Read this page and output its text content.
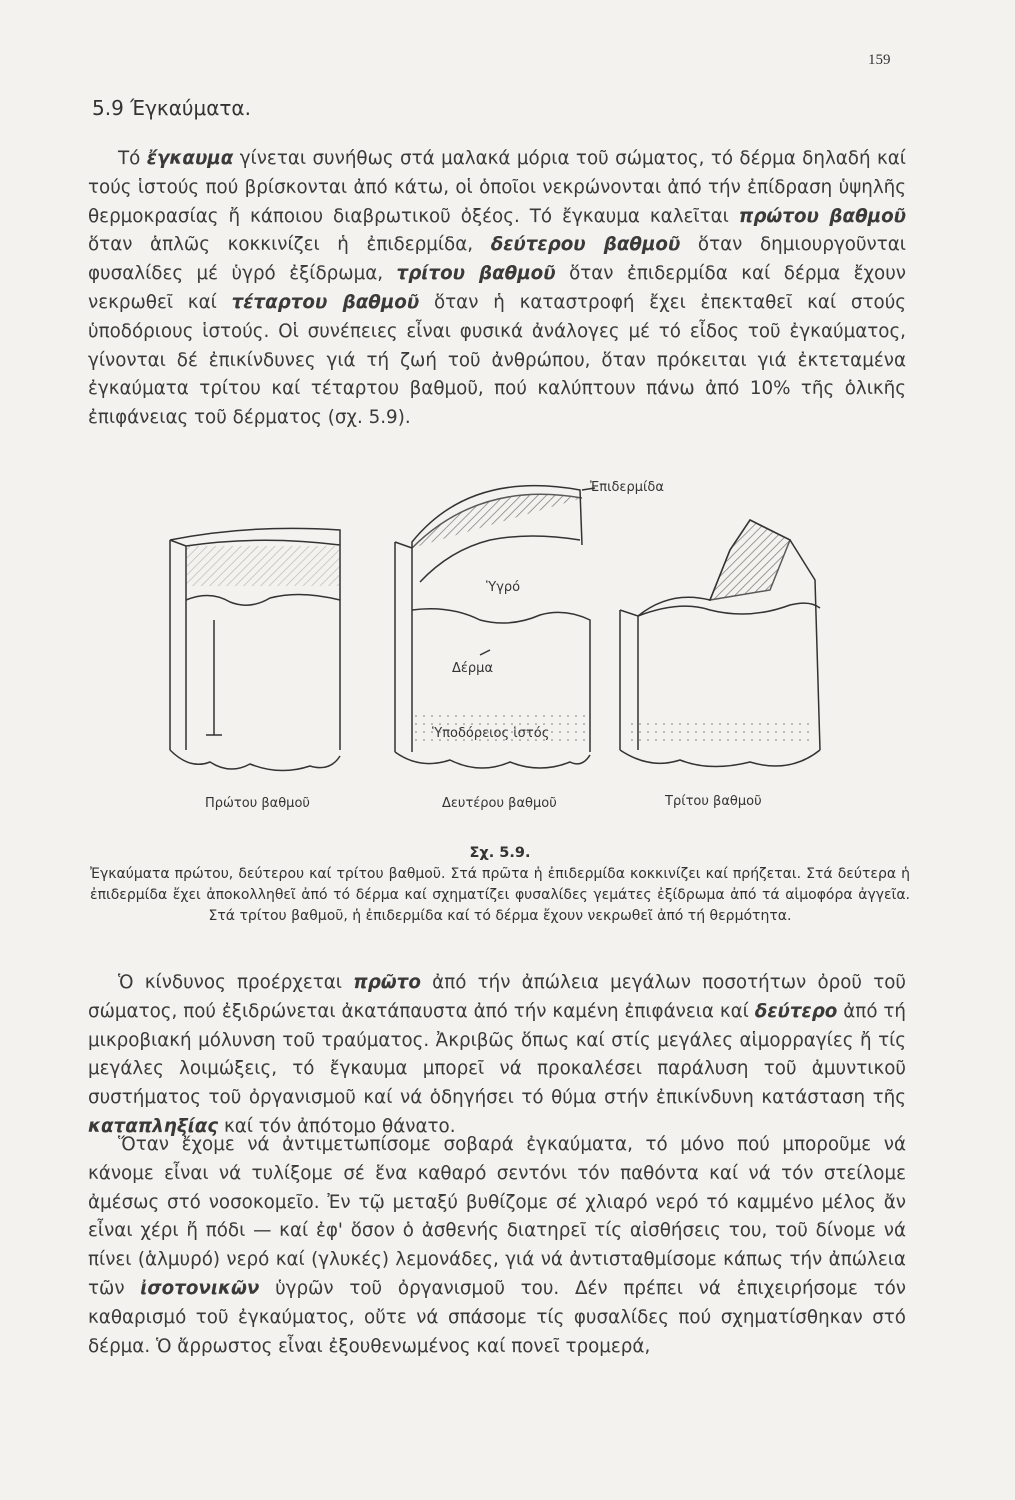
159
5.9 Έγκαύματα.

Τό ἔγκαυμα γίνεται συνήθως στά μαλακά μόρια τοῦ σώματος, τό δέρμα δηλαδή καί τούς ἱστούς πού βρίσκονται ἀπό κάτω, οἱ ὁποῖοι νεκρώνονται ἀπό τήν ἐπίδραση ὑψηλῆς θερμοκρασίας ἤ κάποιου διαβρωτικοῦ ὀξέος. Τό ἔγκαυμα καλεῖται πρώτου βαθμοῦ ὅταν ἁπλῶς κοκκινίζει ἡ ἐπιδερμίδα, δεύτερου βαθμοῦ ὅταν δημιουργοῦνται φυσαλίδες μέ ὑγρό ἐξίδρωμα, τρίτου βαθμοῦ ὅταν ἐπιδερμίδα καί δέρμα ἔχουν νεκρωθεῖ καί τέταρτου βαθμοῦ ὅταν ἡ καταστροφή ἔχει ἐπεκταθεῖ καί στούς ὑποδόριους ἱστούς. Οἱ συνέπειες εἶναι φυσικά ἀνάλογες μέ τό εἶδος τοῦ ἐγκαύματος, γίνονται δέ ἐπικίνδυνες γιά τή ζωή τοῦ ἀνθρώπου, ὅταν πρόκειται γιά ἐκτεταμένα ἐγκαύματα τρίτου καί τέταρτου βαθμοῦ, πού καλύπτουν πάνω ἀπό 10% τῆς ὁλικῆς ἐπιφάνειας τοῦ δέρματος (σχ. 5.9).

Ἐπιδερμίδα
Ὑγρό
Δέρμα
Ὑποδόρειος ἱστός
Πρώτου βαθμοῦ	Δευτέρου βαθμοῦ	Τρίτου βαθμοῦ
Σχ. 5.9.
Ἐγκαύματα πρώτου, δεύτερου καί τρίτου βαθμοῦ. Στά πρῶτα ἡ ἐπιδερμίδα κοκκινίζει καί πρήζεται. Στά δεύτερα ἡ ἐπιδερμίδα ἔχει ἀποκολληθεῖ ἀπό τό δέρμα καί σχηματίζει φυσαλίδες γεμάτες ἐξίδρωμα ἀπό τά αἱμοφόρα ἀγγεῖα. Στά τρίτου βαθμοῦ, ἡ ἐπιδερμίδα καί τό δέρμα ἔχουν νεκρωθεῖ ἀπό τή θερμότητα.

Ὁ κίνδυνος προέρχεται πρῶτο ἀπό τήν ἀπώλεια μεγάλων ποσοτήτων ὀροῦ τοῦ σώματος, πού ἐξιδρώνεται ἀκατάπαυστα ἀπό τήν καμένη ἐπιφάνεια καί δεύτερο ἀπό τή μικροβιακή μόλυνση τοῦ τραύματος. Ἀκριβῶς ὅπως καί στίς μεγάλες αἱμορραγίες ἤ τίς μεγάλες λοιμώξεις, τό ἔγκαυμα μπορεῖ νά προκαλέσει παράλυση τοῦ ἀμυντικοῦ συστήματος τοῦ ὀργανισμοῦ καί νά ὁδηγήσει τό θύμα στήν ἐπικίνδυνη κατάσταση τῆς καταπληξίας καί τόν ἀπότομο θάνατο.

Ὅταν ἔχομε νά ἀντιμετωπίσομε σοβαρά ἐγκαύματα, τό μόνο πού μποροῦμε νά κάνομε εἶναι νά τυλίξομε σέ ἕνα καθαρό σεντόνι τόν παθόντα καί νά τόν στείλομε ἀμέσως στό νοσοκομεῖο. Ἐν τῷ μεταξύ βυθίζομε σέ χλιαρό νερό τό καμμένο μέλος ἄν εἶναι χέρι ἤ πόδι — καί ἐφ' ὅσον ὁ ἀσθενής διατηρεῖ τίς αἰσθήσεις του, τοῦ δίνομε νά πίνει (ἁλμυρό) νερό καί (γλυκές) λεμονάδες, γιά νά ἀντισταθμίσομε κάπως τήν ἀπώλεια τῶν ἰσοτονικῶν ὑγρῶν τοῦ ὀργανισμοῦ του. Δέν πρέπει νά ἐπιχειρήσομε τόν καθαρισμό τοῦ ἐγκαύματος, οὔτε νά σπάσομε τίς φυσαλίδες πού σχηματίσθηκαν στό δέρμα. Ὁ ἄρρωστος εἶναι ἐξουθενωμένος καί πονεῖ τρομερά,
